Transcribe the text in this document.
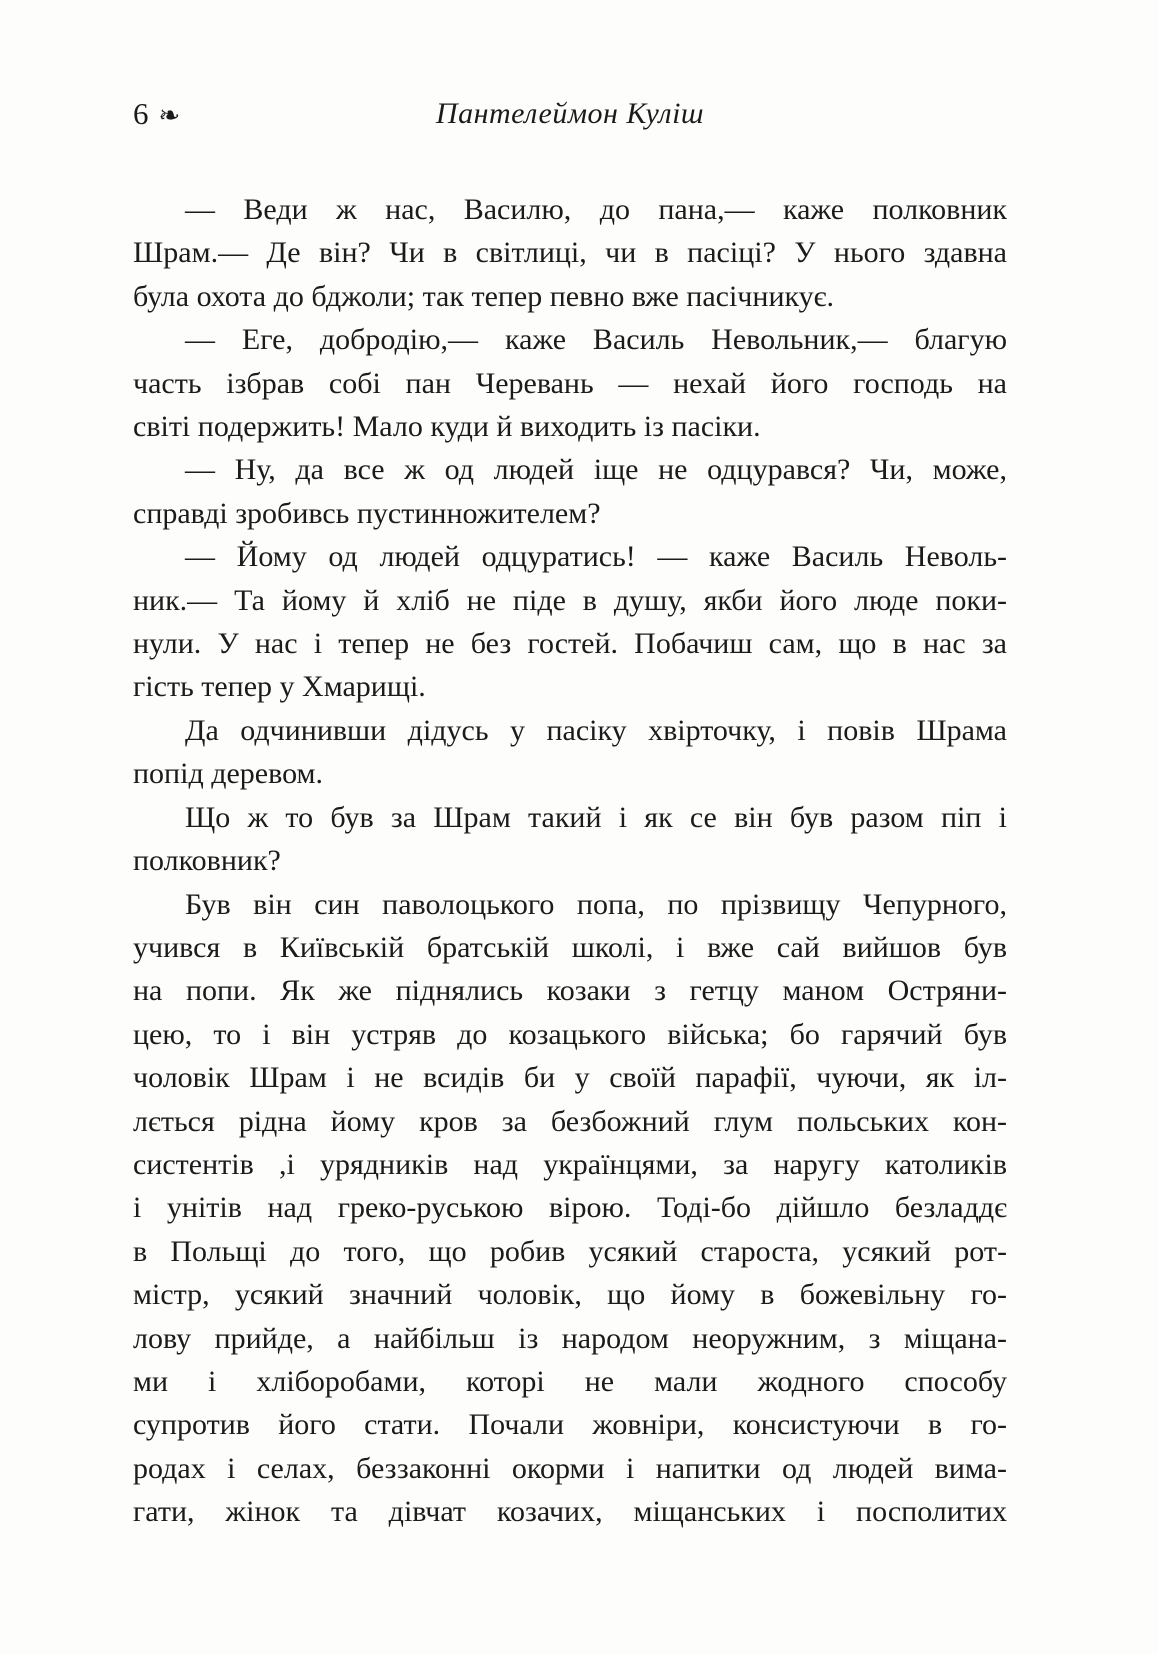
6 ❧	Пантелеймон Куліш
— Веди ж нас, Василю, до пана,— каже полковник
Шрам.— Де він? Чи в світлиці, чи в пасіці? У нього здавна
була охота до бджоли; так тепер певно вже пасічникує.
— Еге, добродію,— каже Василь Невольник,— благую
часть ізбрав собі пан Черевань — нехай його господь на
світі подержить! Мало куди й виходить із пасіки.
— Ну, да все ж од людей іще не одцурався? Чи, може,
справді зробивсь пустинножителем?
— Йому од людей одцуратись! — каже Василь Неволь-
ник.— Та йому й хліб не піде в душу, якби його люде поки-
нули. У нас і тепер не без гостей. Побачиш сам, що в нас за
гість тепер у Хмарищі.
Да одчинивши дідусь у пасіку хвірточку, і повів Шрама
попід деревом.
Що ж то був за Шрам такий і як се він був разом піп і
полковник?
Був він син паволоцького попа, по прізвищу Чепурного,
учився в Київській братській школі, і вже сай вийшов був
на попи. Як же піднялись козаки з гетцу маном Остряни-
цею, то і він устряв до козацького війська; бо гарячий був
чоловік Шрам і не всидів би у своїй парафії, чуючи, як іл-
лється рідна йому кров за безбожний глум польських кон-
систентів ,і урядників над українцями, за наругу католиків
і унітів над греко-руською вірою. Тоді-бо дійшло безладдє
в Польщі до того, що робив усякий староста, усякий рот-
містр, усякий значний чоловік, що йому в божевільну го-
лову прийде, а найбільш із народом неоружним, з міщана-
ми і хліборобами, которі не мали жодного способу
супротив його стати. Почали жовніри, консистуючи в го-
родах і селах, беззаконні окорми і напитки од людей вима-
гати, жінок та дівчат козачих, міщанських і посполитих
